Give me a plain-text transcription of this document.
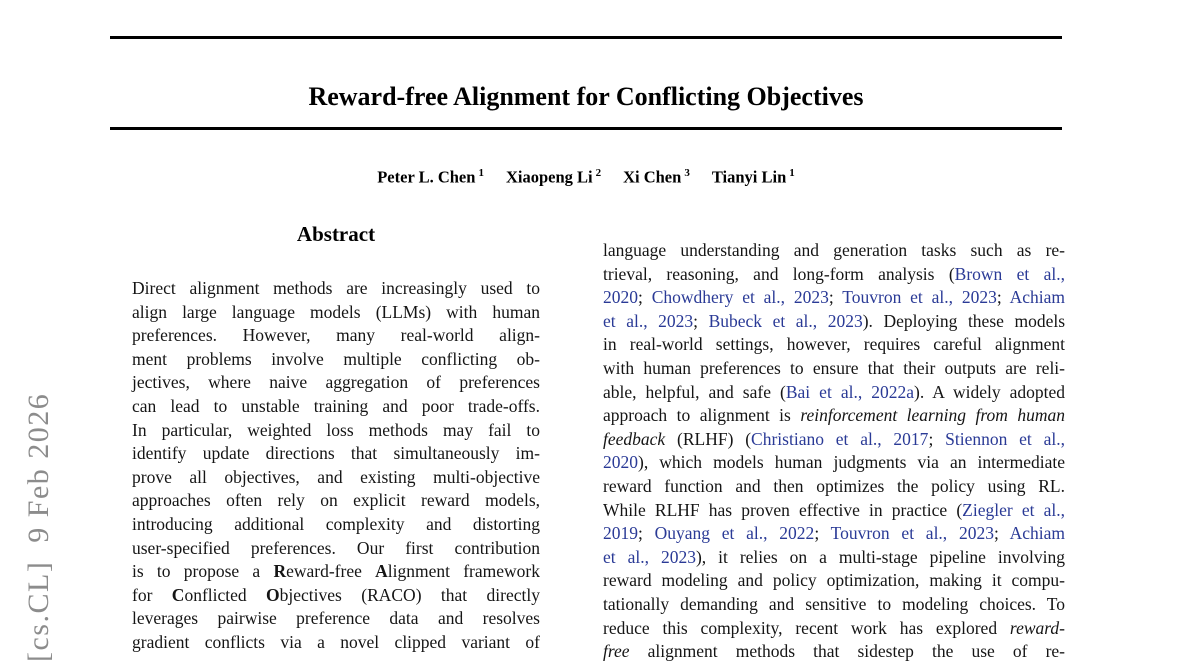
Reward-free Alignment for Conflicting Objectives
Peter L. Chen $^1$ Xiaopeng Li $^2$ Xi Chen $^3$ Tianyi Lin $^1$
Abstract
Direct alignment methods are increasingly used to
align large language models (LLMs) with human
preferences. However, many real-world align-
ment problems involve multiple conflicting ob-
jectives, where naive aggregation of preferences
can lead to unstable training and poor trade-offs.
In particular, weighted loss methods may fail to
identify update directions that simultaneously im-
prove all objectives, and existing multi-objective
approaches often rely on explicit reward models,
introducing additional complexity and distorting
user-specified preferences. Our first contribution
is to propose a Reward-free Alignment framework
for Conflicted Objectives (RACO) that directly
leverages pairwise preference data and resolves
gradient conflicts via a novel clipped variant of
language understanding and generation tasks such as re-
trieval, reasoning, and long-form analysis (Brown et al.,
2020; Chowdhery et al., 2023; Touvron et al., 2023; Achiam
et al., 2023; Bubeck et al., 2023). Deploying these models
in real-world settings, however, requires careful alignment
with human preferences to ensure that their outputs are reli-
able, helpful, and safe (Bai et al., 2022a). A widely adopted
approach to alignment is reinforcement learning from human
feedback (RLHF) (Christiano et al., 2017; Stiennon et al.,
2020), which models human judgments via an intermediate
reward function and then optimizes the policy using RL.
While RLHF has proven effective in practice (Ziegler et al.,
2019; Ouyang et al., 2022; Touvron et al., 2023; Achiam
et al., 2023), it relies on a multi-stage pipeline involving
reward modeling and policy optimization, making it compu-
tationally demanding and sensitive to modeling choices. To
reduce this complexity, recent work has explored reward-
free alignment methods that sidestep the use of re-
[cs.CL]  9 Feb 2026
